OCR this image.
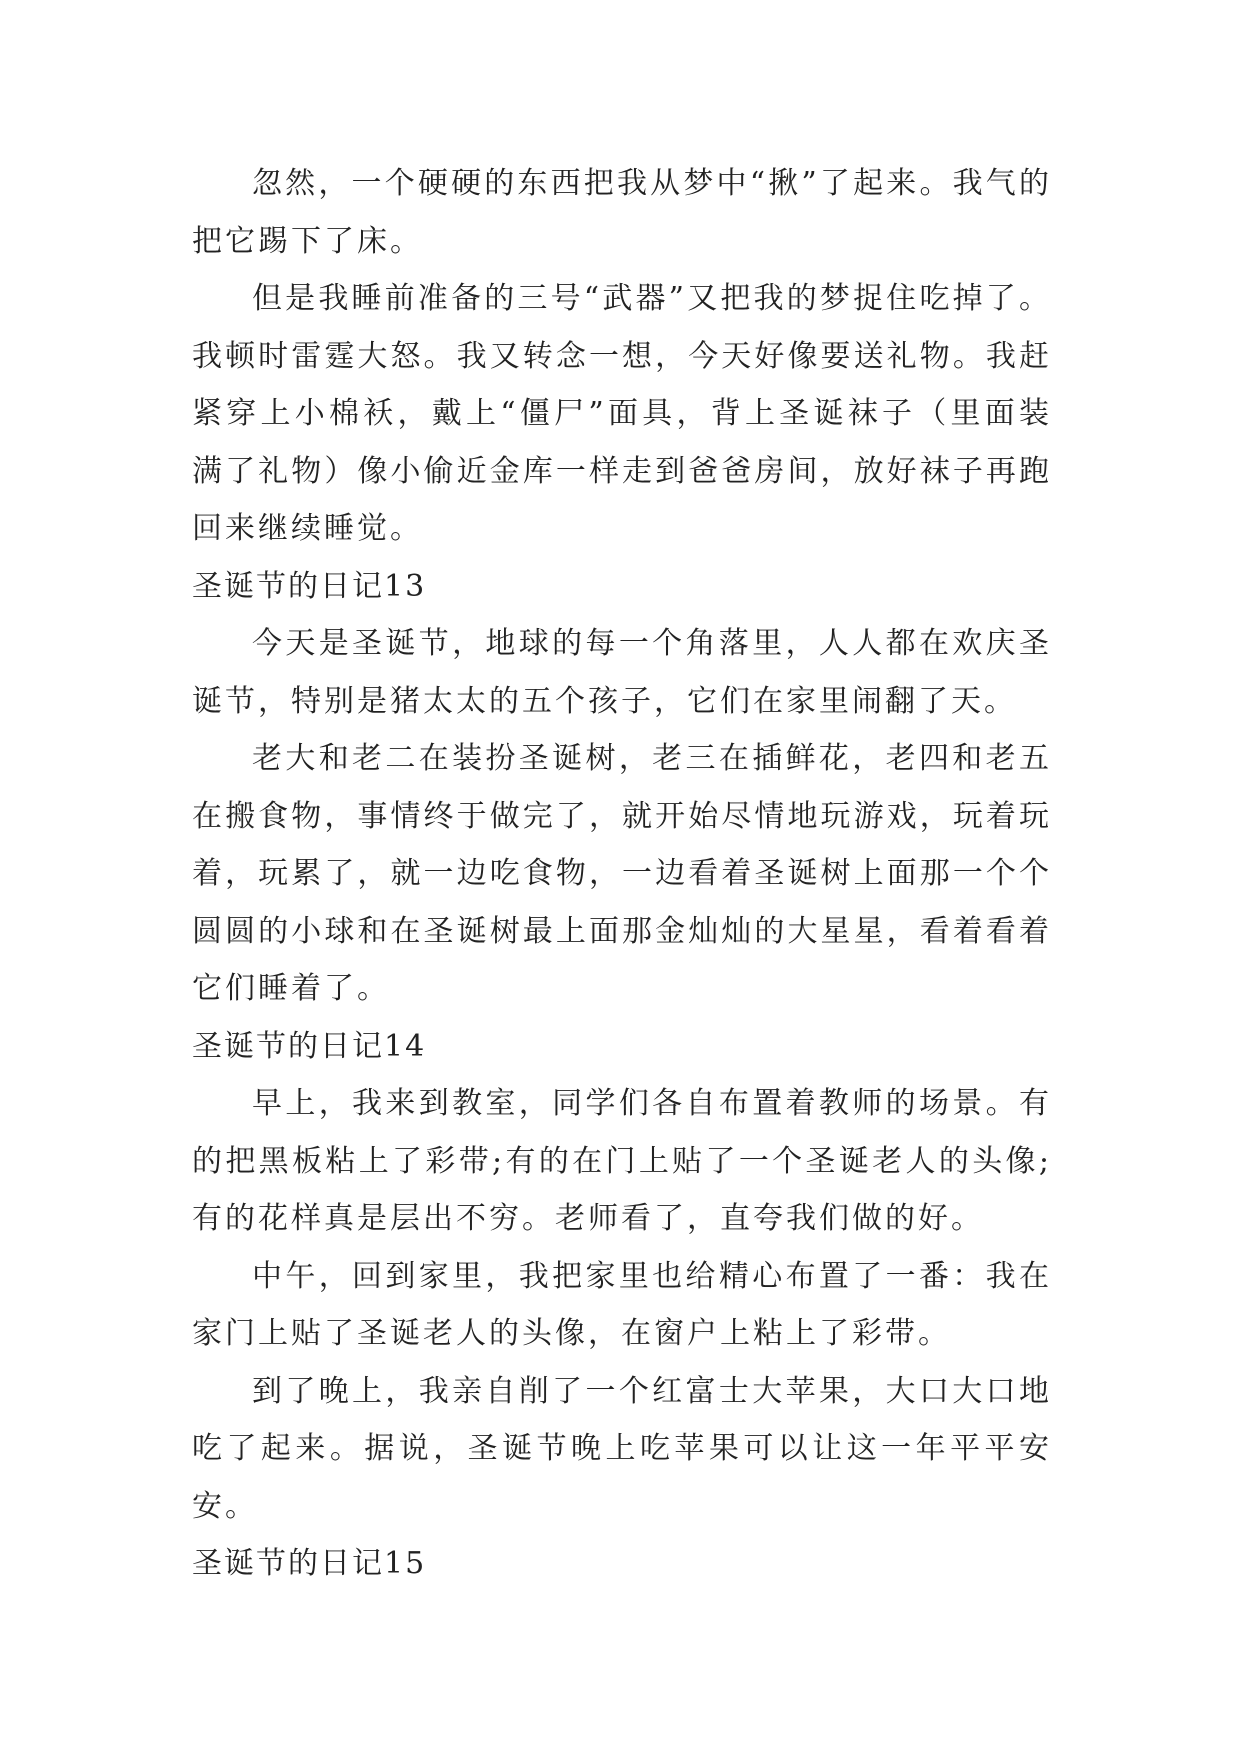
忽然，一个硬硬的东西把我从梦中“揪”了起来。我气的把它踢下了床。

但是我睡前准备的三号“武器”又把我的梦捉住吃掉了。我顿时雷霆大怒。我又转念一想，今天好像要送礼物。我赶紧穿上小棉袄，戴上“僵尸”面具，背上圣诞袜子（里面装满了礼物）像小偷近金库一样走到爸爸房间，放好袜子再跑回来继续睡觉。

圣诞节的日记13

今天是圣诞节，地球的每一个角落里，人人都在欢庆圣诞节，特别是猪太太的五个孩子，它们在家里闹翻了天。

老大和老二在装扮圣诞树，老三在插鲜花，老四和老五在搬食物，事情终于做完了，就开始尽情地玩游戏，玩着玩着，玩累了，就一边吃食物，一边看着圣诞树上面那一个个圆圆的小球和在圣诞树最上面那金灿灿的大星星，看着看着它们睡着了。

圣诞节的日记14

早上，我来到教室，同学们各自布置着教师的场景。有的把黑板粘上了彩带;有的在门上贴了一个圣诞老人的头像;有的花样真是层出不穷。老师看了，直夸我们做的好。

中午，回到家里，我把家里也给精心布置了一番：我在家门上贴了圣诞老人的头像，在窗户上粘上了彩带。

到了晚上，我亲自削了一个红富士大苹果，大口大口地吃了起来。据说，圣诞节晚上吃苹果可以让这一年平平安安。

圣诞节的日记15
